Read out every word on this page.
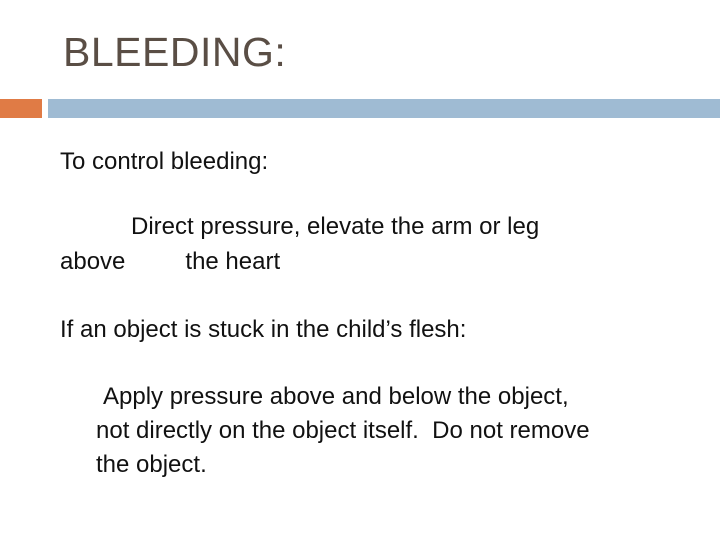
BLEEDING:

To control bleeding:

Direct pressure, elevate the arm or leg

above         the heart

If an object is stuck in the child’s flesh:

Apply pressure above and below the object,

not directly on the object itself.  Do not remove

the object.
